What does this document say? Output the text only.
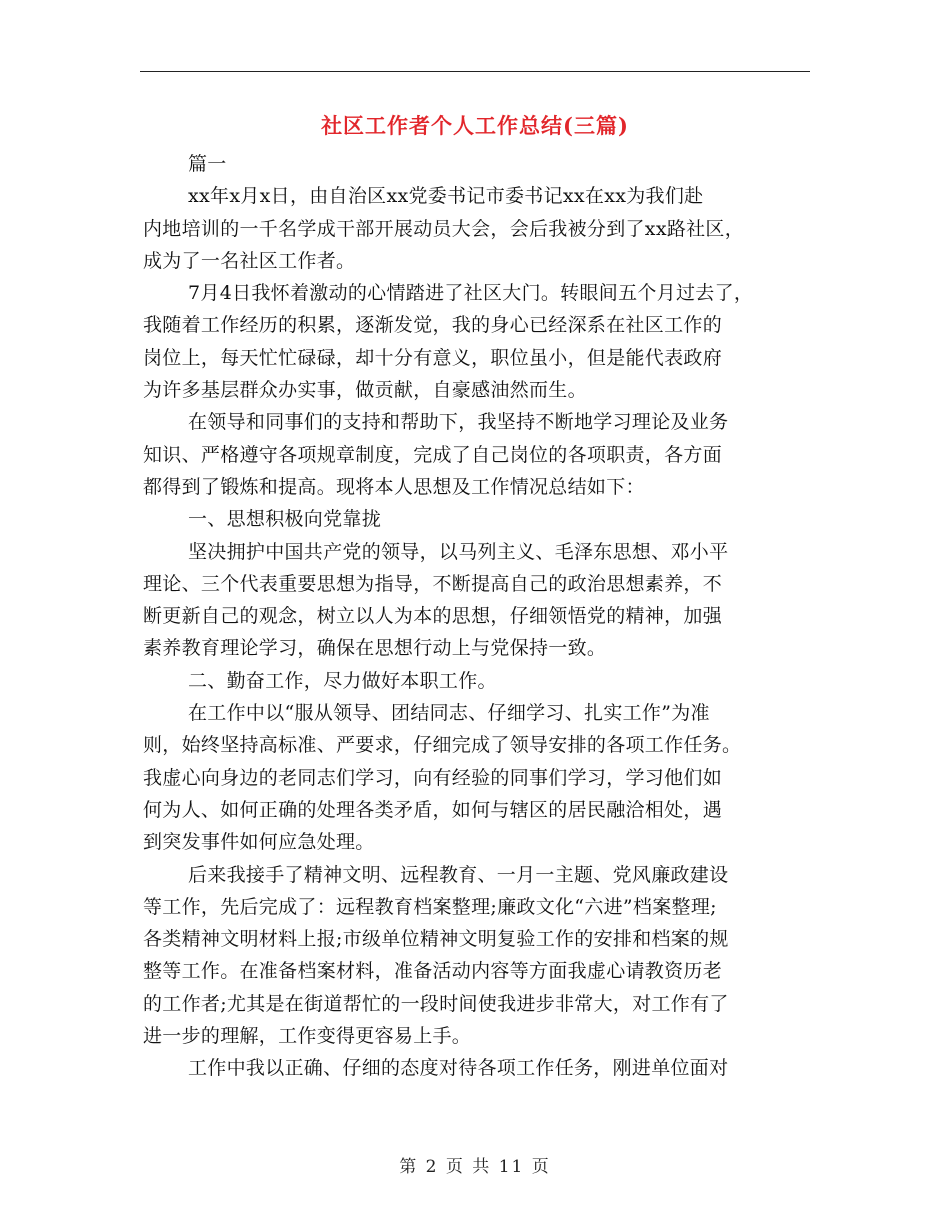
社区工作者个人工作总结(三篇)
篇一
xx年x月x日，由自治区xx党委书记市委书记xx在xx为我们赴
内地培训的一千名学成干部开展动员大会，会后我被分到了xx路社区，
成为了一名社区工作者。
7月4日我怀着激动的心情踏进了社区大门。转眼间五个月过去了，
我随着工作经历的积累，逐渐发觉，我的身心已经深系在社区工作的
岗位上，每天忙忙碌碌，却十分有意义，职位虽小，但是能代表政府
为许多基层群众办实事，做贡献，自豪感油然而生。
在领导和同事们的支持和帮助下，我坚持不断地学习理论及业务
知识、严格遵守各项规章制度，完成了自己岗位的各项职责，各方面
都得到了锻炼和提高。现将本人思想及工作情况总结如下：
一、思想积极向党靠拢
坚决拥护中国共产党的领导，以马列主义、毛泽东思想、邓小平
理论、三个代表重要思想为指导，不断提高自己的政治思想素养，不
断更新自己的观念，树立以人为本的思想，仔细领悟党的精神，加强
素养教育理论学习，确保在思想行动上与党保持一致。
二、勤奋工作，尽力做好本职工作。
在工作中以“服从领导、团结同志、仔细学习、扎实工作”为准
则，始终坚持高标准、严要求，仔细完成了领导安排的各项工作任务。
我虚心向身边的老同志们学习，向有经验的同事们学习，学习他们如
何为人、如何正确的处理各类矛盾，如何与辖区的居民融洽相处，遇
到突发事件如何应急处理。
后来我接手了精神文明、远程教育、一月一主题、党风廉政建设
等工作，先后完成了：远程教育档案整理;廉政文化“六进”档案整理;
各类精神文明材料上报;市级单位精神文明复验工作的安排和档案的规
整等工作。在准备档案材料，准备活动内容等方面我虚心请教资历老
的工作者;尤其是在街道帮忙的一段时间使我进步非常大，对工作有了
进一步的理解，工作变得更容易上手。
工作中我以正确、仔细的态度对待各项工作任务，刚进单位面对
第 2 页 共 11 页
